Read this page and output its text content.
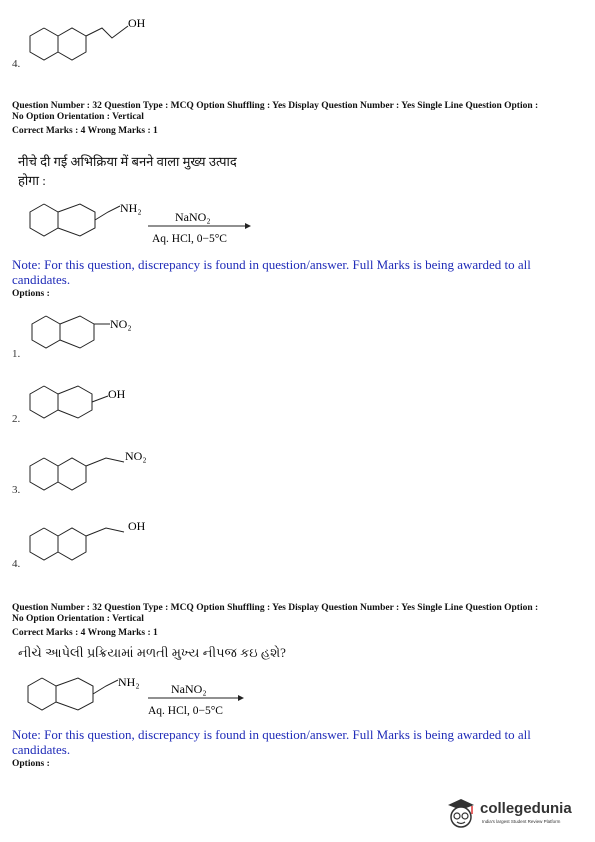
OH
4.
Question Number : 32 Question Type : MCQ Option Shuffling : Yes Display Question Number : Yes Single Line Question Option :
No Option Orientation : Vertical
Correct Marks : 4 Wrong Marks : 1
नीचे दी गई अभिक्रिया में बनने वाला मुख्य उत्पाद
होगा :
NH₂
NaNO₂
Aq. HCl, 0−5°C
Note: For this question, discrepancy is found in question/answer. Full Marks is being awarded to all
candidates.
Options :
NO₂
1.
OH
2.
NO₂
3.
OH
4.
Question Number : 32 Question Type : MCQ Option Shuffling : Yes Display Question Number : Yes Single Line Question Option :
No Option Orientation : Vertical
Correct Marks : 4 Wrong Marks : 1
નીચે આપેલી પ્રક્રિયામાં મળતી મુખ્ય નીપજ કઇ હશે?
NH₂	NaNO₂
Aq. HCl, 0−5°C
Note: For this question, discrepancy is found in question/answer. Full Marks is being awarded to all
candidates.
Options :
collegedunia
India's largest Student Review Platform
